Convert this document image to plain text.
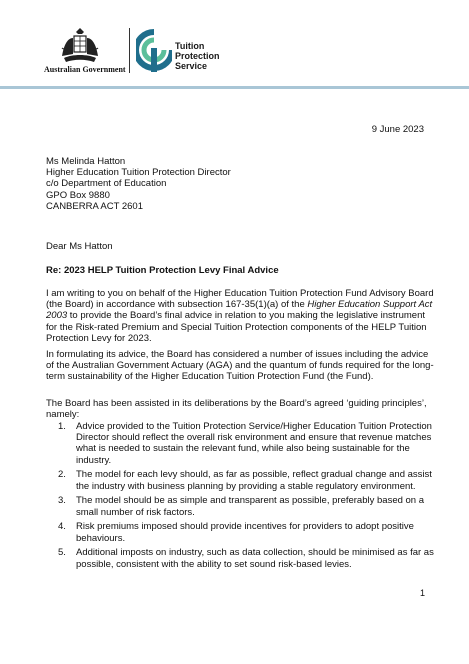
Australian Government
Tuition
Protection
Service
9 June 2023
Ms Melinda Hatton
Higher Education Tuition Protection Director
c/o Department of Education
GPO Box 9880
CANBERRA ACT 2601
Dear Ms Hatton
Re: 2023 HELP Tuition Protection Levy Final Advice

I am writing to you on behalf of the Higher Education Tuition Protection Fund Advisory Board (the Board) in accordance with subsection 167-35(1)(a) of the Higher Education Support Act 2003 to provide the Board’s final advice in relation to you making the legislative instrument for the Risk-rated Premium and Special Tuition Protection components of the HELP Tuition Protection Levy for 2023.

In formulating its advice, the Board has considered a number of issues including the advice of the Australian Government Actuary (AGA) and the quantum of funds required for the long-term sustainability of the Higher Education Tuition Protection Fund (the Fund).

The Board has been assisted in its deliberations by the Board’s agreed ‘guiding principles’, namely:

1. Advice provided to the Tuition Protection Service/Higher Education Tuition Protection Director should reflect the overall risk environment and ensure that revenue matches what is needed to sustain the relevant fund, while also being sustainable for the industry.
2. The model for each levy should, as far as possible, reflect gradual change and assist the industry with business planning by providing a stable regulatory environment.
3. The model should be as simple and transparent as possible, preferably based on a small number of risk factors.
4. Risk premiums imposed should provide incentives for providers to adopt positive behaviours.
5. Additional imposts on industry, such as data collection, should be minimised as far as possible, consistent with the ability to set sound risk-based levies.
1
